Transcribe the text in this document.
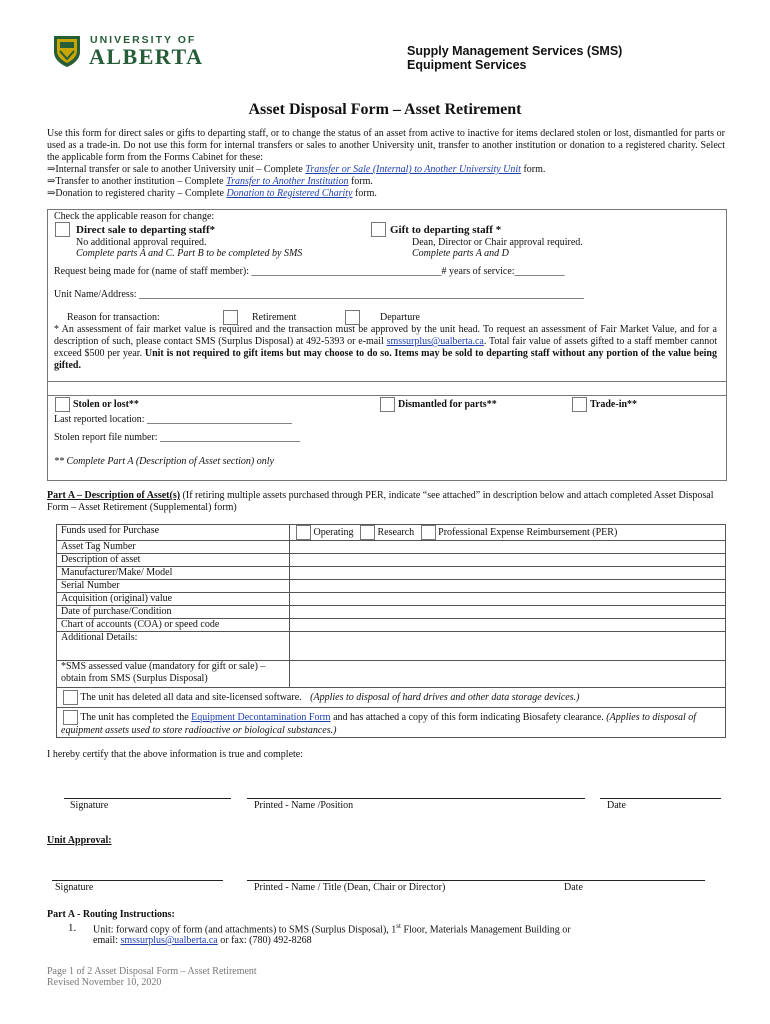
UNIVERSITY OF
ALBERTA	Supply Management Services (SMS)
Equipment Services
Asset Disposal Form – Asset Retirement
Use this form for direct sales or gifts to departing staff, or to change the status of an asset from active to inactive for items declared stolen or lost, dismantled for parts or used as a trade-in. Do not use this form for internal transfers or sales to another University unit, transfer to another institution or donation to a registered charity. Select the applicable form from the Forms Cabinet for these:
⇒Internal transfer or sale to another University unit – Complete Transfer or Sale (Internal) to Another University Unit form.
⇒Transfer to another institution – Complete Transfer to Another Institution form.
⇒Donation to registered charity – Complete Donation to Registered Charity form.
Check the applicable reason for change:
Direct sale to departing staff*
No additional approval required.
Complete parts A and C. Part B to be completed by SMS
Gift to departing staff *
Dean, Director or Chair approval required.
Complete parts A and D
Request being made for (name of staff member): ______________________________________# years of service:__________
Unit Name/Address: _________________________________________________________________________________________
Reason for transaction:	Retirement	Departure
* An assessment of fair market value is required and the transaction must be approved by the unit head. To request an assessment of Fair Market Value, and for a description of such, please contact SMS (Surplus Disposal) at 492-5393 or e-mail smssurplus@ualberta.ca. Total fair value of assets gifted to a staff member cannot exceed $500 per year. Unit is not required to gift items but may choose to do so. Items may be sold to departing staff without any portion of the value being gifted.
Stolen or lost**	Dismantled for parts**	Trade-in**
Last reported location: _____________________________
Stolen report file number: ____________________________
** Complete Part A (Description of Asset section) only
Part A – Description of Asset(s) (If retiring multiple assets purchased through PER, indicate “see attached” in description below and attach completed Asset Disposal Form – Asset Retirement (Supplemental) form)
Funds used for Purchase	Operating Research Professional Expense Reimbursement (PER)
Asset Tag Number	
Description of asset	
Manufacturer/Make/ Model	
Serial Number	
Acquisition (original) value	
Date of purchase/Condition	
Chart of accounts (COA) or speed code	
Additional Details:	
*SMS assessed value (mandatory for gift or sale) – obtain from SMS (Surplus Disposal)	
The unit has deleted all data and site-licensed software. (Applies to disposal of hard drives and other data storage devices.)	
The unit has completed the Equipment Decontamination Form and has attached a copy of this form indicating Biosafety clearance. (Applies to disposal of equipment assets used to store radioactive or biological substances.)	
I hereby certify that the above information is true and complete:
Signature	Printed - Name /Position	Date
Unit Approval:
Signature	Printed - Name / Title (Dean, Chair or Director)	Date
Part A - Routing Instructions:
1. Unit: forward copy of form (and attachments) to SMS (Surplus Disposal), 1st Floor, Materials Management Building or
email: smssurplus@ualberta.ca or fax: (780) 492-8268
Page 1 of 2 Asset Disposal Form – Asset Retirement
Revised November 10, 2020
